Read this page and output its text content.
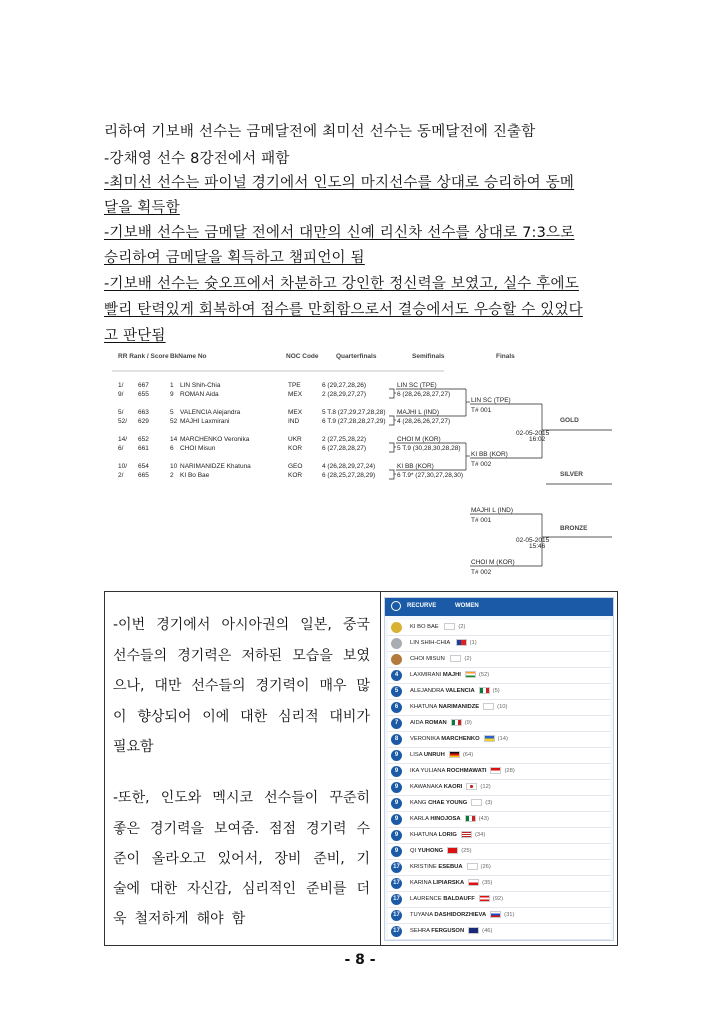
리하여 기보배 선수는 금메달전에 최미선 선수는 동메달전에 진출함
-강채영 선수 8강전에서 패함
-최미선 선수는 파이널 경기에서 인도의 마지선수를 상대로 승리하여 동메
달을 획득함
-기보배 선수는 금메달 전에서 대만의 신예 리신차 선수를 상대로 7:3으로
승리하여 금메달을 획득하고 챔피언이 됨
-기보배 선수는 슛오프에서 차분하고 강인한 정신력을 보였고, 실수 후에도
빨리 탄력있게 회복하여 점수를 만회함으로서 결승에서도 우승할 수 있었다
고 판단됨
RR Rank / Score BkName No	NOC Code	Quarterfinals	Semifinals	Finals
1/ 667	1 LIN Shih-Chia	TPE	6 (29,27,28,26)
9/ 655	9 ROMAN Aida	MEX	2 (28,29,27,27)
5/ 663	5 VALENCIA Alejandra	MEX	5 T.8 (27,29,27,28,28)
52/ 629	52 MAJHI Laxmirani	IND	6 T.9 (27,28,28,27,29)
14/ 652	14 MARCHENKO Veronika	UKR	2 (27,25,28,22)
6/ 661	6 CHOI Misun	KOR	6 (27,28,28,27)
10/ 654	10 NARIMANIDZE Khatuna	GEO	4 (26,28,29,27,24)
2/ 665	2 KI Bo Bae	KOR	6 (28,25,27,28,29)
LIN SC (TPE)
6 (28,26,28,27,27)
MAJHI L (IND)
4 (28,26,26,27,27)
CHOI M (KOR)
5 T.9 (30,28,30,28,28)
KI BB (KOR)
6 T.9* (27,30,27,28,30)
LIN SC (TPE)
T# 001
KI BB (KOR)
T# 002
GOLD
02-05-2015
16:02
SILVER
MAJHI L (IND)
T# 001
CHOI M (KOR)
T# 002
BRONZE
02-05-2015
15:46
-이번 경기에서 아시아권의 일본, 중국
선수들의 경기력은 저하된 모습을 보였
으나, 대만 선수들의 경기력이 매우 많
이 향상되어 이에 대한 심리적 대비가
필요함
-또한, 인도와 멕시코 선수들이 꾸준히
좋은 경기력을 보여줌. 점점 경기력 수
준이 올라오고 있어서, 장비 준비, 기
술에 대한 자신감, 심리적인 준비를 더
욱 철저하게 해야 함
RECURVE	WOMEN
KI BO BAE	(2)
LIN SHIH-CHIA	(1)
CHOI MISUN	(2)
4	LAXMIRANI MAJHI	(52)
5	ALEJANDRA VALENCIA	(5)
6	KHATUNA NARIMANIDZE	(10)
7	AIDA ROMAN	(9)
8	VERONIKA MARCHENKO	(14)
9	LISA UNRUH	(64)
9	IKA YULIANA ROCHMAWATI	(28)
9	KAWANAKA KAORI	(12)
9	KANG CHAE YOUNG	(3)
9	KARLA HINOJOSA	(43)
9	KHATUNA LORIG	(34)
9	QI YUHONG	(25)
17	KRISTINE ESEBUA	(26)
17	KARINA LIPIARSKA	(35)
17	LAURENCE BALDAUFF	(92)
17	TUYANA DASHIDORZHIEVA	(31)
17	SEHRA FERGUSON	(46)
- 8 -
